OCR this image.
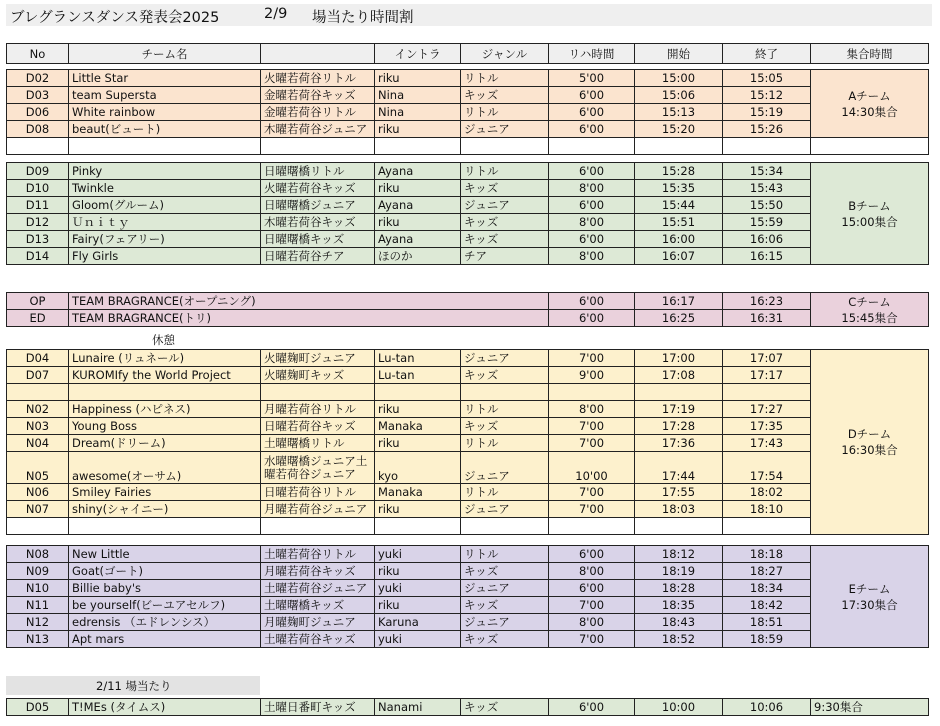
ブレグランスダンス発表会2025	2/9 場当たり時間割
No	チーム名		イントラ	ジャンル	リハ時間	開始	終了	集合時間
D02	Little Star	火曜若荷谷リトル	riku	リトル	5'00	15:00	15:05	Aチーム
14:30集合

D03	team Supersta	金曜若荷谷キッズ	Nina	キッズ	6'00	15:06	15:12	
D06	White rainbow	金曜若荷谷リトル	Nina	リトル	6'00	15:13	15:19	
D08	beaut(ビュート)	木曜若荷谷ジュニア	riku	ジュニア	6'00	15:20	15:26	

D09	Pinky	日曜曙橋リトル	Ayana	リトル	6'00	15:28	15:34	Bチーム
15:00集合

D10	Twinkle	火曜若荷谷キッズ	riku	キッズ	8'00	15:35	15:43	
D11	Gloom(グルーム)	日曜曙橋ジュニア	Ayana	ジュニア	6'00	15:44	15:50	
D12	Ｕｎｉｔｙ	木曜若荷谷キッズ	riku	キッズ	8'00	15:51	15:59	
D13	Fairy(フェアリー)	日曜曙橋キッズ	Ayana	キッズ	6'00	16:00	16:06	
D14	Fly Girls	日曜若荷谷チア	ほのか	チア	8'00	16:07	16:15	
OP	TEAM BRAGRANCE(オープニング)	6'00	16:17	16:23	Cチーム
15:45集合

ED	TEAM BRAGRANCE(トリ)	6'00	16:25	16:31	
休憩
D04	Lunaire (リュネール)	火曜麹町ジュニア	Lu-tan	ジュニア	7'00	17:00	17:07	Dチーム
16:30集合

D07	KUROMIfy the World Project	火曜麹町キッズ	Lu-tan	キッズ	9'00	17:08	17:17	

N02	Happiness (ハピネス)	月曜若荷谷リトル	riku	リトル	8'00	17:19	17:27	
N03	Young Boss	日曜若荷谷キッズ	Manaka	キッズ	7'00	17:28	17:35	
N04	Dream(ドリーム)	土曜曙橋リトル	riku	リトル	7'00	17:36	17:43	
N05	awesome(オーサム)	水曜曙橋ジュニア土曜若荷谷ジュニア	kyo	ジュニア	10'00	17:44	17:54	
N06	Smiley Fairies	日曜若荷谷リトル	Manaka	リトル	7'00	17:55	18:02	
N07	shiny(シャイニー)	月曜若荷谷ジュニア	riku	ジュニア	7'00	18:03	18:10	

N08	New Little	土曜若荷谷リトル	yuki	リトル	6'00	18:12	18:18	Eチーム
17:30集合

N09	Goat(ゴート)	月曜若荷谷キッズ	riku	キッズ	8'00	18:19	18:27	
N10	Billie baby's	土曜若荷谷ジュニア	yuki	ジュニア	6'00	18:28	18:34	
N11	be yourself(ビーユアセルフ)	土曜曙橋キッズ	riku	キッズ	7'00	18:35	18:42	
N12	edrensis （エドレンシス）	月曜麹町ジュニア	Karuna	ジュニア	8'00	18:43	18:51	
N13	Apt mars	土曜若荷谷キッズ	yuki	キッズ	7'00	18:52	18:59	
2/11 場当たり
D05	T!MEs (タイムス)	土曜日番町キッズ	Nanami	キッズ	6'00	10:00	10:06	9:30集合
